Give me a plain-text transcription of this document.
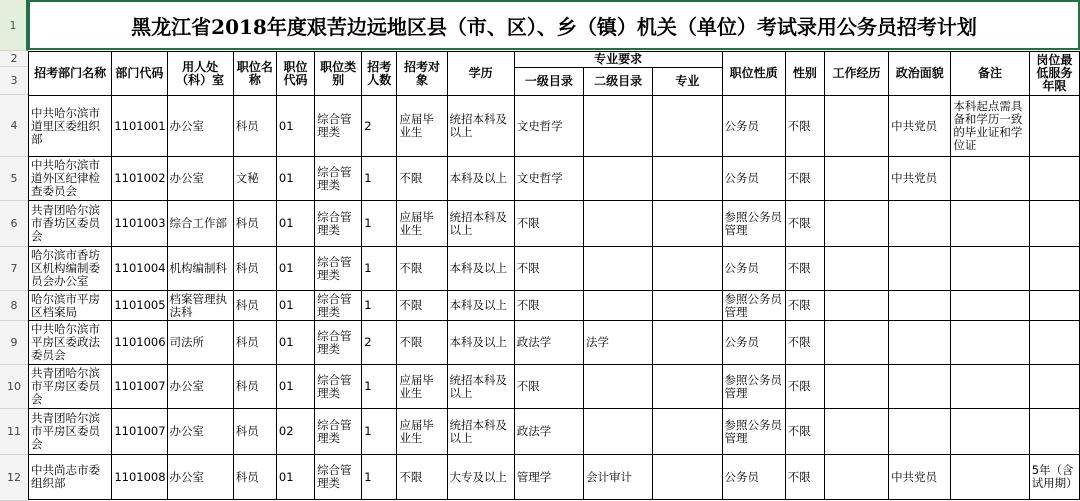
1
2
3
4
5
6
7
8
9
10
11
12
黑龙江省2018年度艰苦边远地区县（市、区）、乡（镇）机关（单位）考试录用公务员招考计划
招考部门名称	部门代码	用人处（科）室	职位名称	职位代码	职位类别	招考人数	招考对象	学历	专业要求			职位性质	性别	工作经历	政治面貌	备注	岗位最低服务年限
									一级目录	二级目录	专业						
中共哈尔滨市道里区委组织部	1101001	办公室	科员	01	综合管理类	2	应届毕业生	统招本科及以上	文史哲学			公务员	不限		中共党员	本科起点需具备和学历一致的毕业证和学位证	
中共哈尔滨市道外区纪律检查委员会	1101002	办公室	文秘	01	综合管理类	1	不限	本科及以上	文史哲学			公务员	不限		中共党员		
共青团哈尔滨市香坊区委员会	1101003	综合工作部	科员	01	综合管理类	1	应届毕业生	统招本科及以上	不限			参照公务员管理	不限				
哈尔滨市香坊区机构编制委员会办公室	1101004	机构编制科	科员	01	综合管理类	1	不限	本科及以上	不限			公务员	不限				
哈尔滨市平房区档案局	1101005	档案管理执法科	科员	01	综合管理类	1	不限	本科及以上	不限			参照公务员管理	不限				
中共哈尔滨市平房区委政法委员会	1101006	司法所	科员	01	综合管理类	2	不限	本科及以上	政法学	法学		公务员	不限				
共青团哈尔滨市平房区委员会	1101007	办公室	科员	01	综合管理类	1	应届毕业生	统招本科及以上	不限			参照公务员管理	不限				
共青团哈尔滨市平房区委员会	1101007	办公室	科员	02	综合管理类	1	应届毕业生	统招本科及以上	政法学			参照公务员管理	不限				
中共尚志市委组织部	1101008	办公室	科员	01	综合管理类	1	不限	大专及以上	管理学	会计审计		公务员	不限		中共党员		5年（含试用期）
